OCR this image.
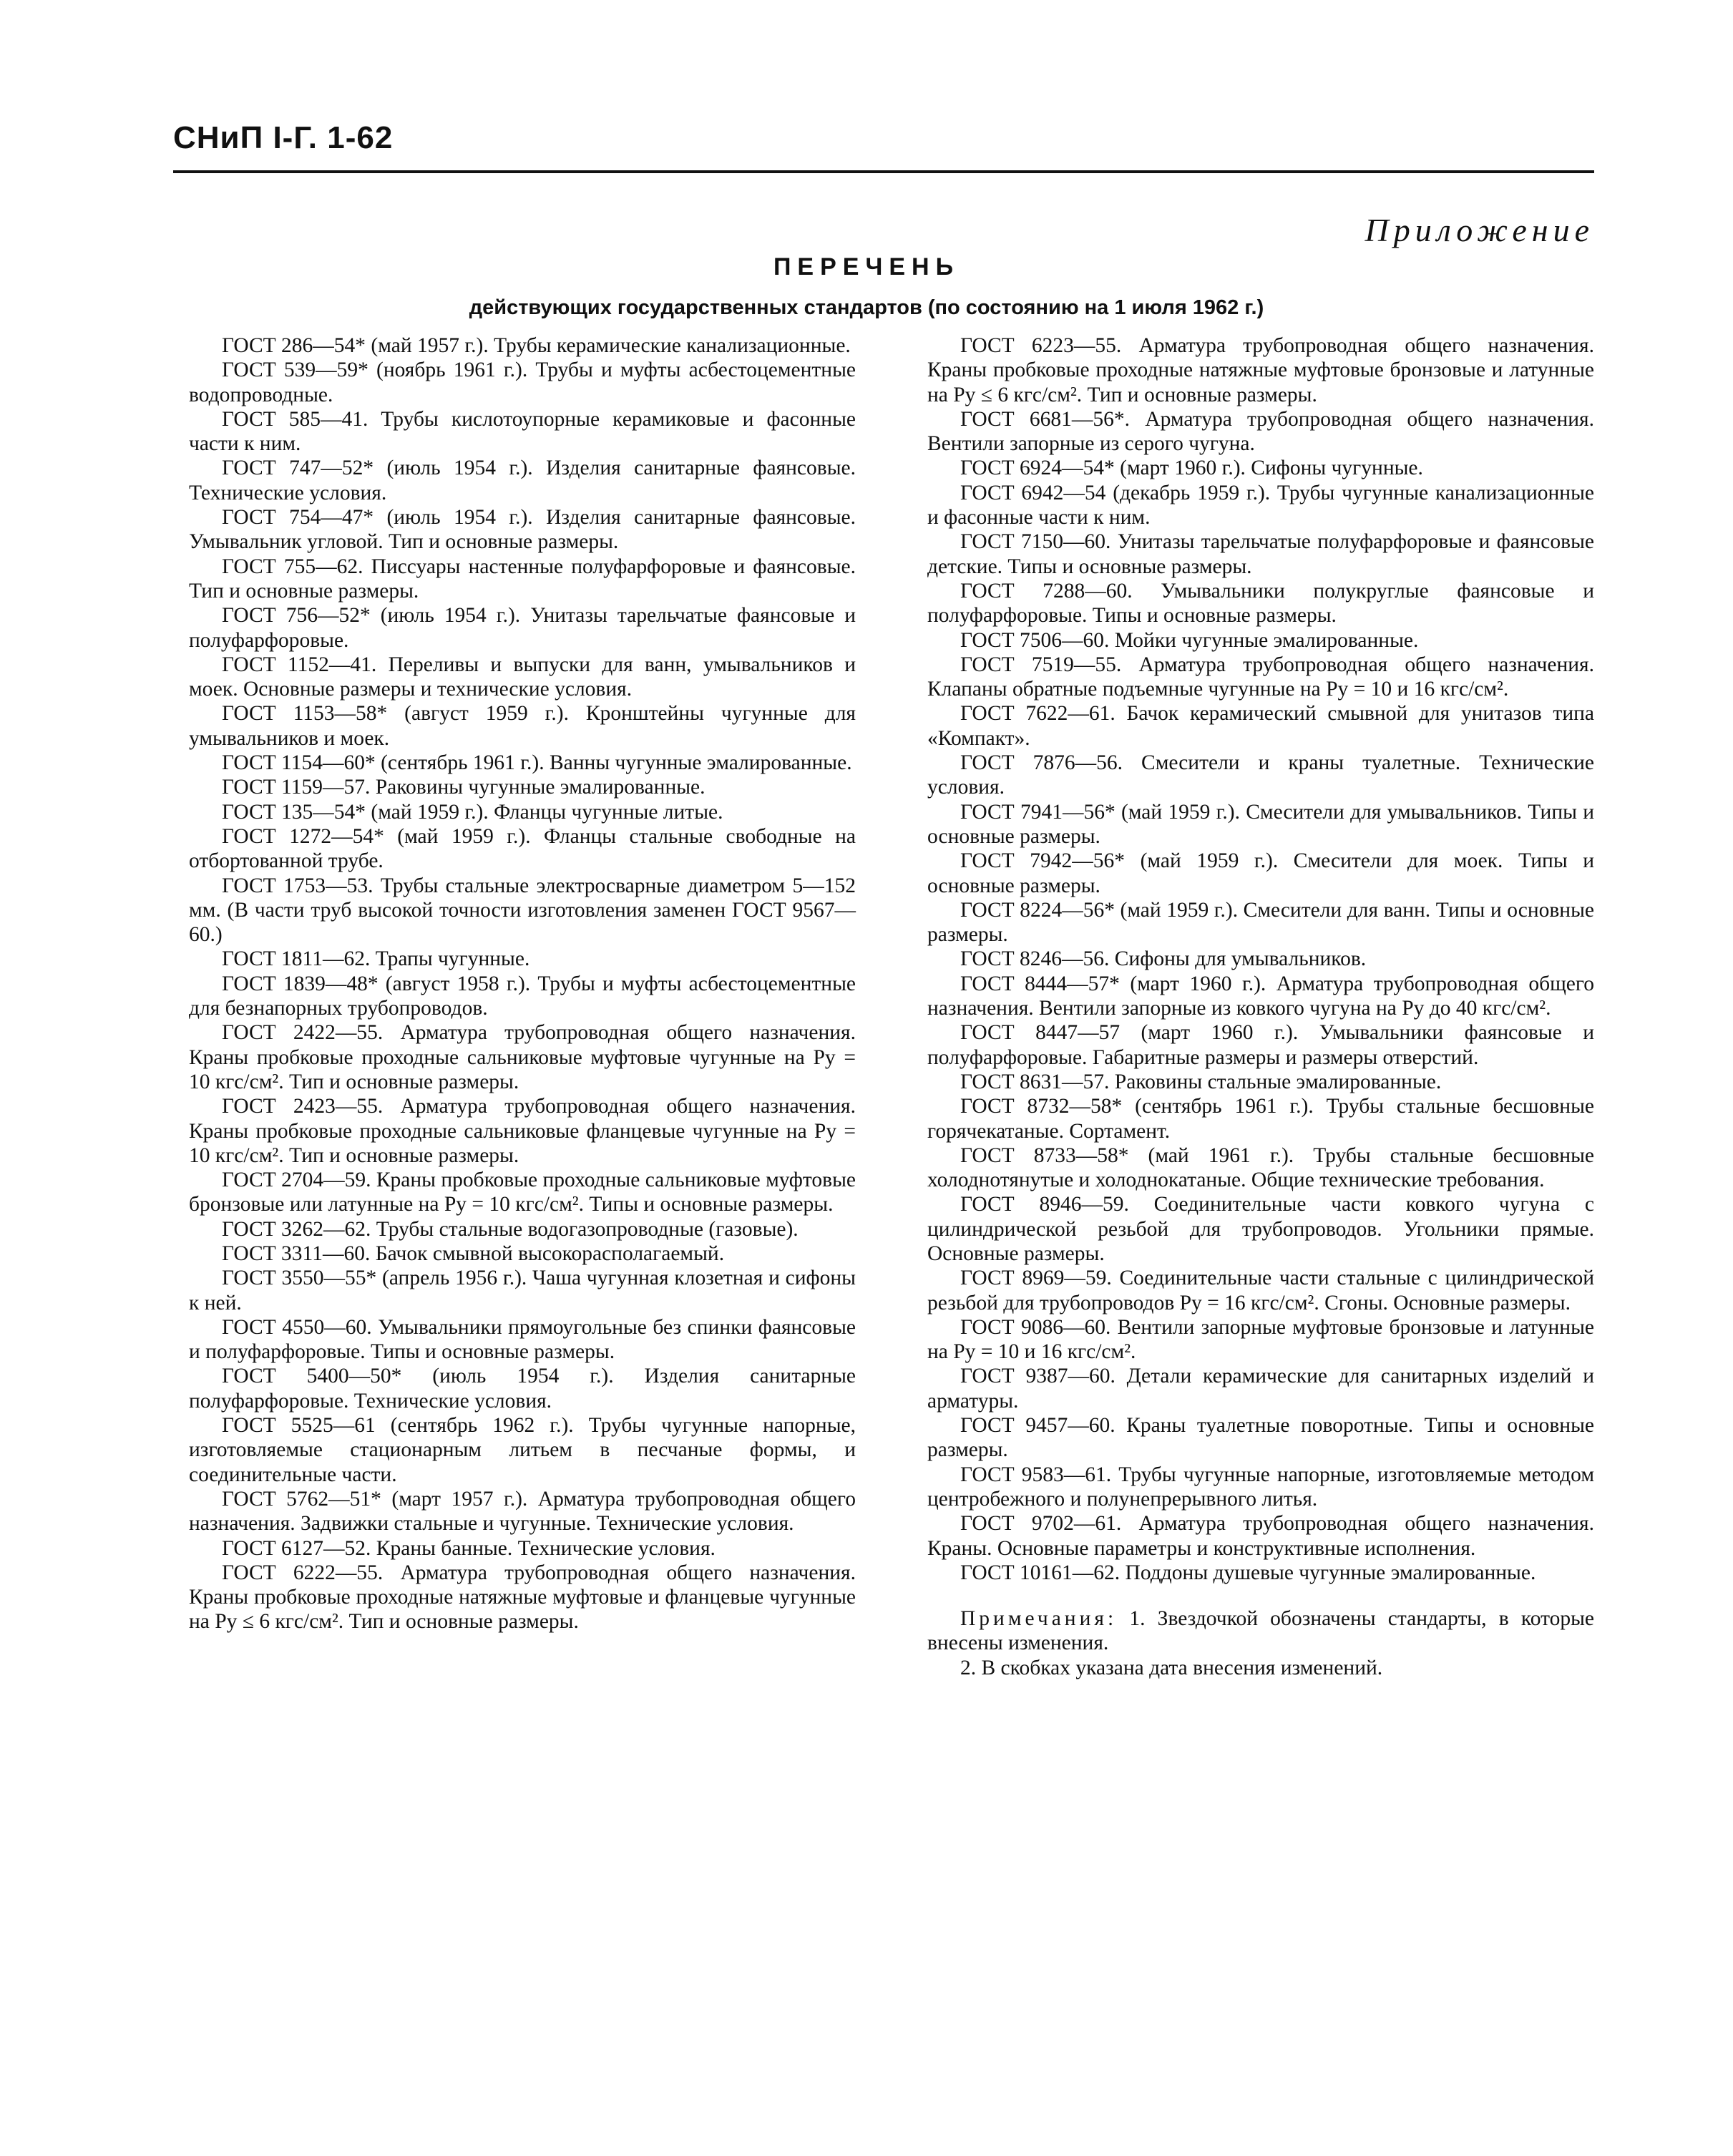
СНиП I-Г. 1-62
Приложение
ПЕРЕЧЕНЬ
действующих государственных стандартов (по состоянию на 1 июля 1962 г.)
ГОСТ 286—54* (май 1957 г.). Трубы керамические канализационные.
ГОСТ 539—59* (ноябрь 1961 г.). Трубы и муфты асбестоцементные водопроводные.
ГОСТ 585—41. Трубы кислотоупорные керамиковые и фасонные части к ним.
ГОСТ 747—52* (июль 1954 г.). Изделия санитарные фаянсовые. Технические условия.
ГОСТ 754—47* (июль 1954 г.). Изделия санитарные фаянсовые. Умывальник угловой. Тип и основные размеры.
ГОСТ 755—62. Писсуары настенные полуфарфоровые и фаянсовые. Тип и основные размеры.
ГОСТ 756—52* (июль 1954 г.). Унитазы тарельчатые фаянсовые и полуфарфоровые.
ГОСТ 1152—41. Переливы и выпуски для ванн, умывальников и моек. Основные размеры и технические условия.
ГОСТ 1153—58* (август 1959 г.). Кронштейны чугунные для умывальников и моек.
ГОСТ 1154—60* (сентябрь 1961 г.). Ванны чугунные эмалированные.
ГОСТ 1159—57. Раковины чугунные эмалированные.
ГОСТ 135—54* (май 1959 г.). Фланцы чугунные литые.
ГОСТ 1272—54* (май 1959 г.). Фланцы стальные свободные на отбортованной трубе.
ГОСТ 1753—53. Трубы стальные электросварные диаметром 5—152 мм. (В части труб высокой точности изготовления заменен ГОСТ 9567—60.)
ГОСТ 1811—62. Трапы чугунные.
ГОСТ 1839—48* (август 1958 г.). Трубы и муфты асбестоцементные для безнапорных трубопроводов.
ГОСТ 2422—55. Арматура трубопроводная общего назначения. Краны пробковые проходные сальниковые муфтовые чугунные на Pу = 10 кгс/см². Тип и основные размеры.
ГОСТ 2423—55. Арматура трубопроводная общего назначения. Краны пробковые проходные сальниковые фланцевые чугунные на Pу = 10 кгс/см². Тип и основные размеры.
ГОСТ 2704—59. Краны пробковые проходные сальниковые муфтовые бронзовые или латунные на Pу = 10 кгс/см². Типы и основные размеры.
ГОСТ 3262—62. Трубы стальные водогазопроводные (газовые).
ГОСТ 3311—60. Бачок смывной высокорасполагаемый.
ГОСТ 3550—55* (апрель 1956 г.). Чаша чугунная клозетная и сифоны к ней.
ГОСТ 4550—60. Умывальники прямоугольные без спинки фаянсовые и полуфарфоровые. Типы и основные размеры.
ГОСТ 5400—50* (июль 1954 г.). Изделия санитарные полуфарфоровые. Технические условия.
ГОСТ 5525—61 (сентябрь 1962 г.). Трубы чугунные напорные, изготовляемые стационарным литьем в песчаные формы, и соединительные части.
ГОСТ 5762—51* (март 1957 г.). Арматура трубопроводная общего назначения. Задвижки стальные и чугунные. Технические условия.
ГОСТ 6127—52. Краны банные. Технические условия.
ГОСТ 6222—55. Арматура трубопроводная общего назначения. Краны пробковые проходные натяжные муфтовые и фланцевые чугунные на Pу ≤ 6 кгс/см². Тип и основные размеры.
ГОСТ 6223—55. Арматура трубопроводная общего назначения. Краны пробковые проходные натяжные муфтовые бронзовые и латунные на Pу ≤ 6 кгс/см². Тип и основные размеры.
ГОСТ 6681—56*. Арматура трубопроводная общего назначения. Вентили запорные из серого чугуна.
ГОСТ 6924—54* (март 1960 г.). Сифоны чугунные.
ГОСТ 6942—54 (декабрь 1959 г.). Трубы чугунные канализационные и фасонные части к ним.
ГОСТ 7150—60. Унитазы тарельчатые полуфарфоровые и фаянсовые детские. Типы и основные размеры.
ГОСТ 7288—60. Умывальники полукруглые фаянсовые и полуфарфоровые. Типы и основные размеры.
ГОСТ 7506—60. Мойки чугунные эмалированные.
ГОСТ 7519—55. Арматура трубопроводная общего назначения. Клапаны обратные подъемные чугунные на Pу = 10 и 16 кгс/см².
ГОСТ 7622—61. Бачок керамический смывной для унитазов типа «Компакт».
ГОСТ 7876—56. Смесители и краны туалетные. Технические условия.
ГОСТ 7941—56* (май 1959 г.). Смесители для умывальников. Типы и основные размеры.
ГОСТ 7942—56* (май 1959 г.). Смесители для моек. Типы и основные размеры.
ГОСТ 8224—56* (май 1959 г.). Смесители для ванн. Типы и основные размеры.
ГОСТ 8246—56. Сифоны для умывальников.
ГОСТ 8444—57* (март 1960 г.). Арматура трубопроводная общего назначения. Вентили запорные из ковкого чугуна на Pу до 40 кгс/см².
ГОСТ 8447—57 (март 1960 г.). Умывальники фаянсовые и полуфарфоровые. Габаритные размеры и размеры отверстий.
ГОСТ 8631—57. Раковины стальные эмалированные.
ГОСТ 8732—58* (сентябрь 1961 г.). Трубы стальные бесшовные горячекатаные. Сортамент.
ГОСТ 8733—58* (май 1961 г.). Трубы стальные бесшовные холоднотянутые и холоднокатаные. Общие технические требования.
ГОСТ 8946—59. Соединительные части ковкого чугуна с цилиндрической резьбой для трубопроводов. Угольники прямые. Основные размеры.
ГОСТ 8969—59. Соединительные части стальные с цилиндрической резьбой для трубопроводов Pу = 16 кгс/см². Сгоны. Основные размеры.
ГОСТ 9086—60. Вентили запорные муфтовые бронзовые и латунные на Pу = 10 и 16 кгс/см².
ГОСТ 9387—60. Детали керамические для санитарных изделий и арматуры.
ГОСТ 9457—60. Краны туалетные поворотные. Типы и основные размеры.
ГОСТ 9583—61. Трубы чугунные напорные, изготовляемые методом центробежного и полунепрерывного литья.
ГОСТ 9702—61. Арматура трубопроводная общего назначения. Краны. Основные параметры и конструктивные исполнения.
ГОСТ 10161—62. Поддоны душевые чугунные эмалированные.
Примечания: 1. Звездочкой обозначены стандарты, в которые внесены изменения.
2. В скобках указана дата внесения изменений.
